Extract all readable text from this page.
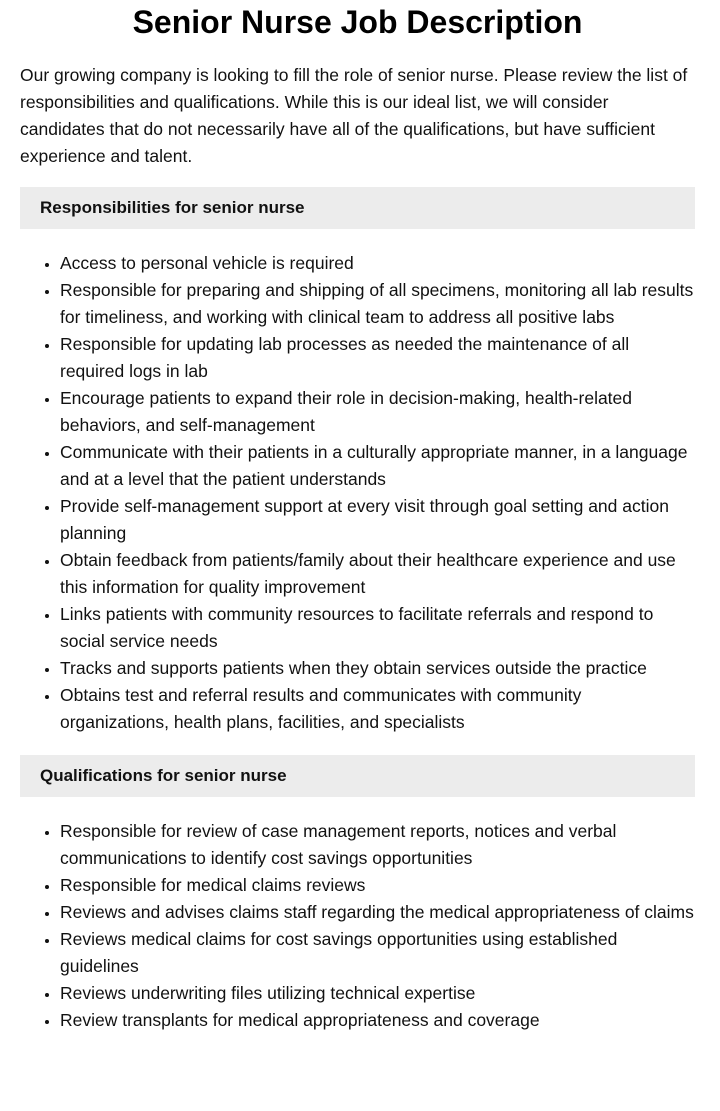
Senior Nurse Job Description

Our growing company is looking to fill the role of senior nurse. Please review the list of responsibilities and qualifications. While this is our ideal list, we will consider candidates that do not necessarily have all of the qualifications, but have sufficient experience and talent.

Responsibilities for senior nurse
• Access to personal vehicle is required
• Responsible for preparing and shipping of all specimens, monitoring all lab results for timeliness, and working with clinical team to address all positive labs
• Responsible for updating lab processes as needed the maintenance of all required logs in lab
• Encourage patients to expand their role in decision-making, health-related behaviors, and self-management
• Communicate with their patients in a culturally appropriate manner, in a language and at a level that the patient understands
• Provide self-management support at every visit through goal setting and action planning
• Obtain feedback from patients/family about their healthcare experience and use this information for quality improvement
• Links patients with community resources to facilitate referrals and respond to social service needs
• Tracks and supports patients when they obtain services outside the practice
• Obtains test and referral results and communicates with community organizations, health plans, facilities, and specialists
Qualifications for senior nurse
• Responsible for review of case management reports, notices and verbal communications to identify cost savings opportunities
• Responsible for medical claims reviews
• Reviews and advises claims staff regarding the medical appropriateness of claims
• Reviews medical claims for cost savings opportunities using established guidelines
• Reviews underwriting files utilizing technical expertise
• Review transplants for medical appropriateness and coverage
